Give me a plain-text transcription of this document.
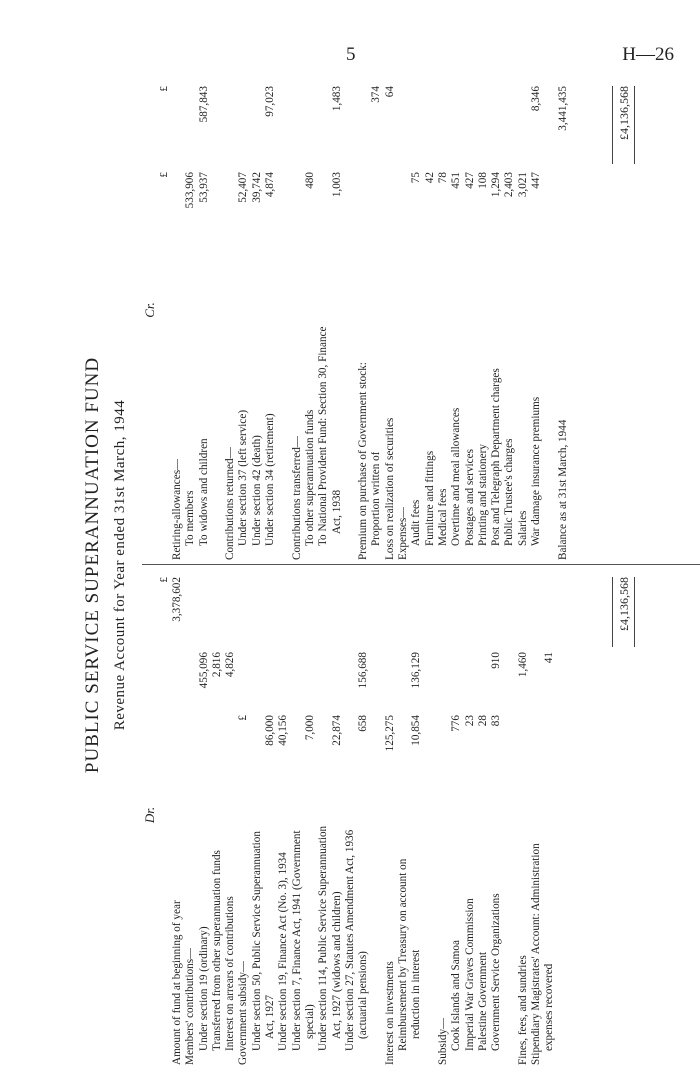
5	H—26
PUBLIC SERVICE SUPERANNUATION FUND Revenue Account for Year ended 31st March, 1944
Dr.
£
Amount of fund at beginning of year
3,378,602
Members' contributions— Under section 19 (ordinary)
455,096
Transferred from other superannuation funds
2,816
Interest on arrears of contributions
4,826
Government subsidy—
£
Under section 50, Public Service Superannuation Act, 1927
86,000
Under section 19, Finance Act (No. 3), 1934
40,156
Under section 7, Finance Act, 1941 (Government special)
7,000
Under section 114, Public Service Superannuation Act, 1927 (widows and children)
22,874
Under section 27, Statutes Amendment Act, 1936 (actuarial pensions)
658
156,688
Interest on investments
125,275
Reimbursement by Treasury on account on reduction in interest
10,854
136,129
Subsidy— Cook Islands and Samoa
776
Imperial War Graves Commission
23
Palestine Government
28
Government Service Organizations
83
910
Fines, fees, and sundries
1,460
Stipendiary Magistrates' Account: Administration expenses recovered
41
Cr.
£
£
Retiring-allowances— To members
533,906
To widows and children
53,937
587,843
Contributions returned— Under section 37 (left service)
52,407
Under section 42 (death)
39,742
Under section 34 (retirement)
4,874
97,023
Contributions transferred— To other superannuation funds
480
To National Provident Fund: Section 30, Finance Act, 1938
1,003
1,483
Premium on purchase of Government stock: Proportion written of
374
Loss on realization of securities
64
Expenses— Audit fees
75
Furniture and fittings
42
Medical fees
78
Overtime and meal allowances
451
Postages and services
427
Printing and stationery
108
Post and Telegraph Department charges
1,294
Public Trustee's charges
2,403
Salaries
3,021
War damage insurance premiums
447
8,346
Balance as at 31st March, 1944
3,441,435
£4,136,568
£4,136,568
